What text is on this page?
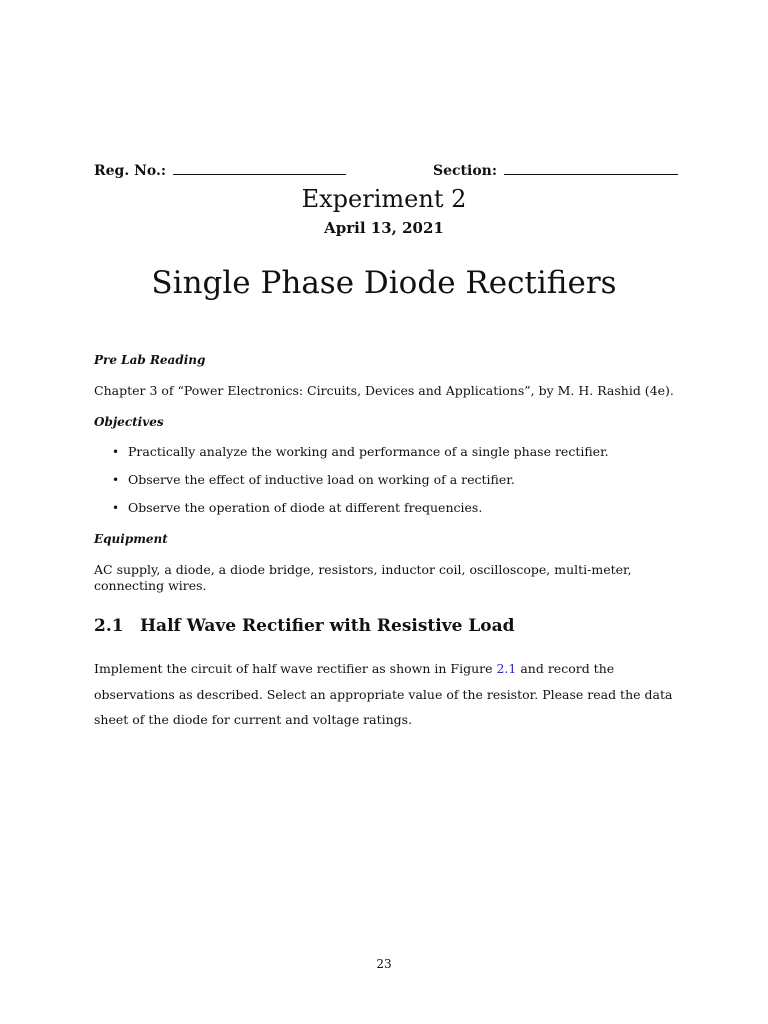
Reg. No.:	Section:
Experiment 2
April 13, 2021
Single Phase Diode Rectifiers
Pre Lab Reading
Chapter 3 of “Power Electronics: Circuits, Devices and Applications”, by M. H. Rashid (4e).
Objectives
• Practically analyze the working and performance of a single phase rectifier.
• Observe the effect of inductive load on working of a rectifier.
• Observe the operation of diode at different frequencies.
Equipment
AC supply, a diode, a diode bridge, resistors, inductor coil, oscilloscope, multi-meter, connecting wires.
2.1 Half Wave Rectifier with Resistive Load
Implement the circuit of half wave rectifier as shown in Figure 2.1 and record the observations as described. Select an appropriate value of the resistor. Please read the data sheet of the diode for current and voltage ratings.
23
